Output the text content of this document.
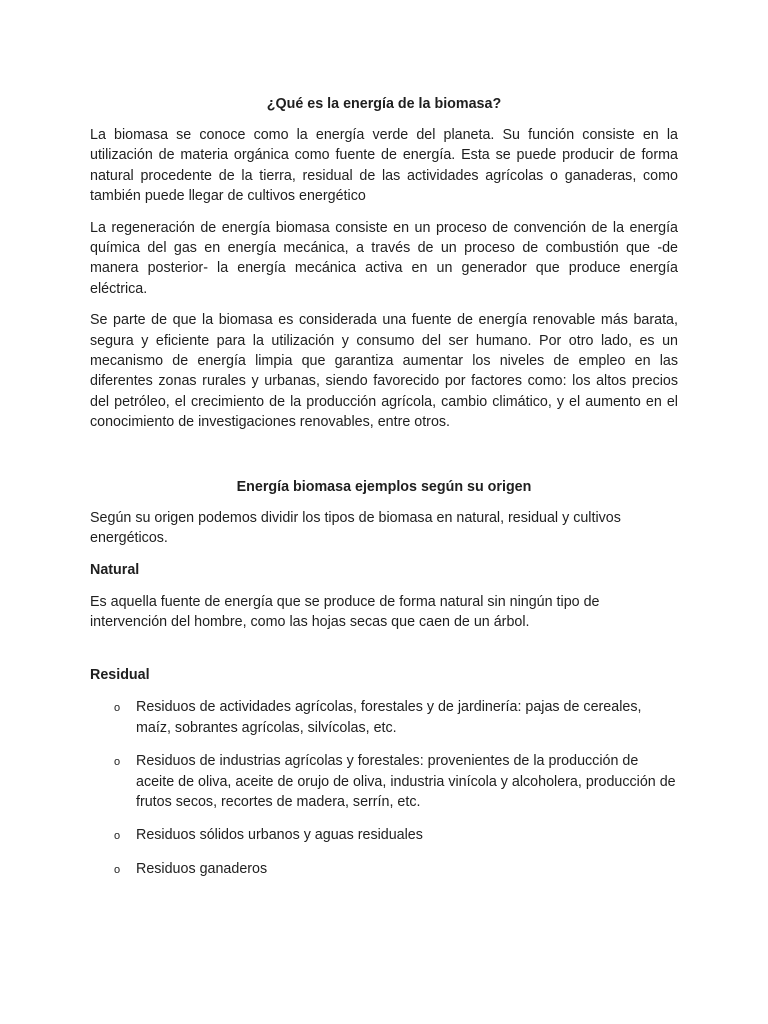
¿Qué es la energía de la biomasa?

La biomasa se conoce como la energía verde del planeta. Su función consiste en la utilización de materia orgánica como fuente de energía. Esta se puede producir de forma natural procedente de la tierra, residual de las actividades agrícolas o ganaderas, como también puede llegar de cultivos energético

La regeneración de energía biomasa consiste en un proceso de convención de la energía química del gas en energía mecánica, a través de un proceso de combustión que -de manera posterior- la energía mecánica activa en un generador que produce energía eléctrica.

Se parte de que la biomasa es considerada una fuente de energía renovable más barata, segura y eficiente para la utilización y consumo del ser humano. Por otro lado, es un mecanismo de energía limpia que garantiza aumentar los niveles de empleo en las diferentes zonas rurales y urbanas, siendo favorecido por factores como: los altos precios del petróleo, el crecimiento de la producción agrícola, cambio climático, y el aumento en el conocimiento de investigaciones renovables, entre otros.

Energía biomasa ejemplos según su origen

Según su origen podemos dividir los tipos de biomasa en natural, residual y cultivos energéticos.

Natural

Es aquella fuente de energía que se produce de forma natural sin ningún tipo de intervención del hombre, como las hojas secas que caen de un árbol.

Residual
o Residuos de actividades agrícolas, forestales y de jardinería: pajas de cereales, maíz, sobrantes agrícolas, silvícolas, etc.
o Residuos de industrias agrícolas y forestales: provenientes de la producción de aceite de oliva, aceite de orujo de oliva, industria vinícola y alcoholera, producción de frutos secos, recortes de madera, serrín, etc.
o Residuos sólidos urbanos y aguas residuales
o Residuos ganaderos
